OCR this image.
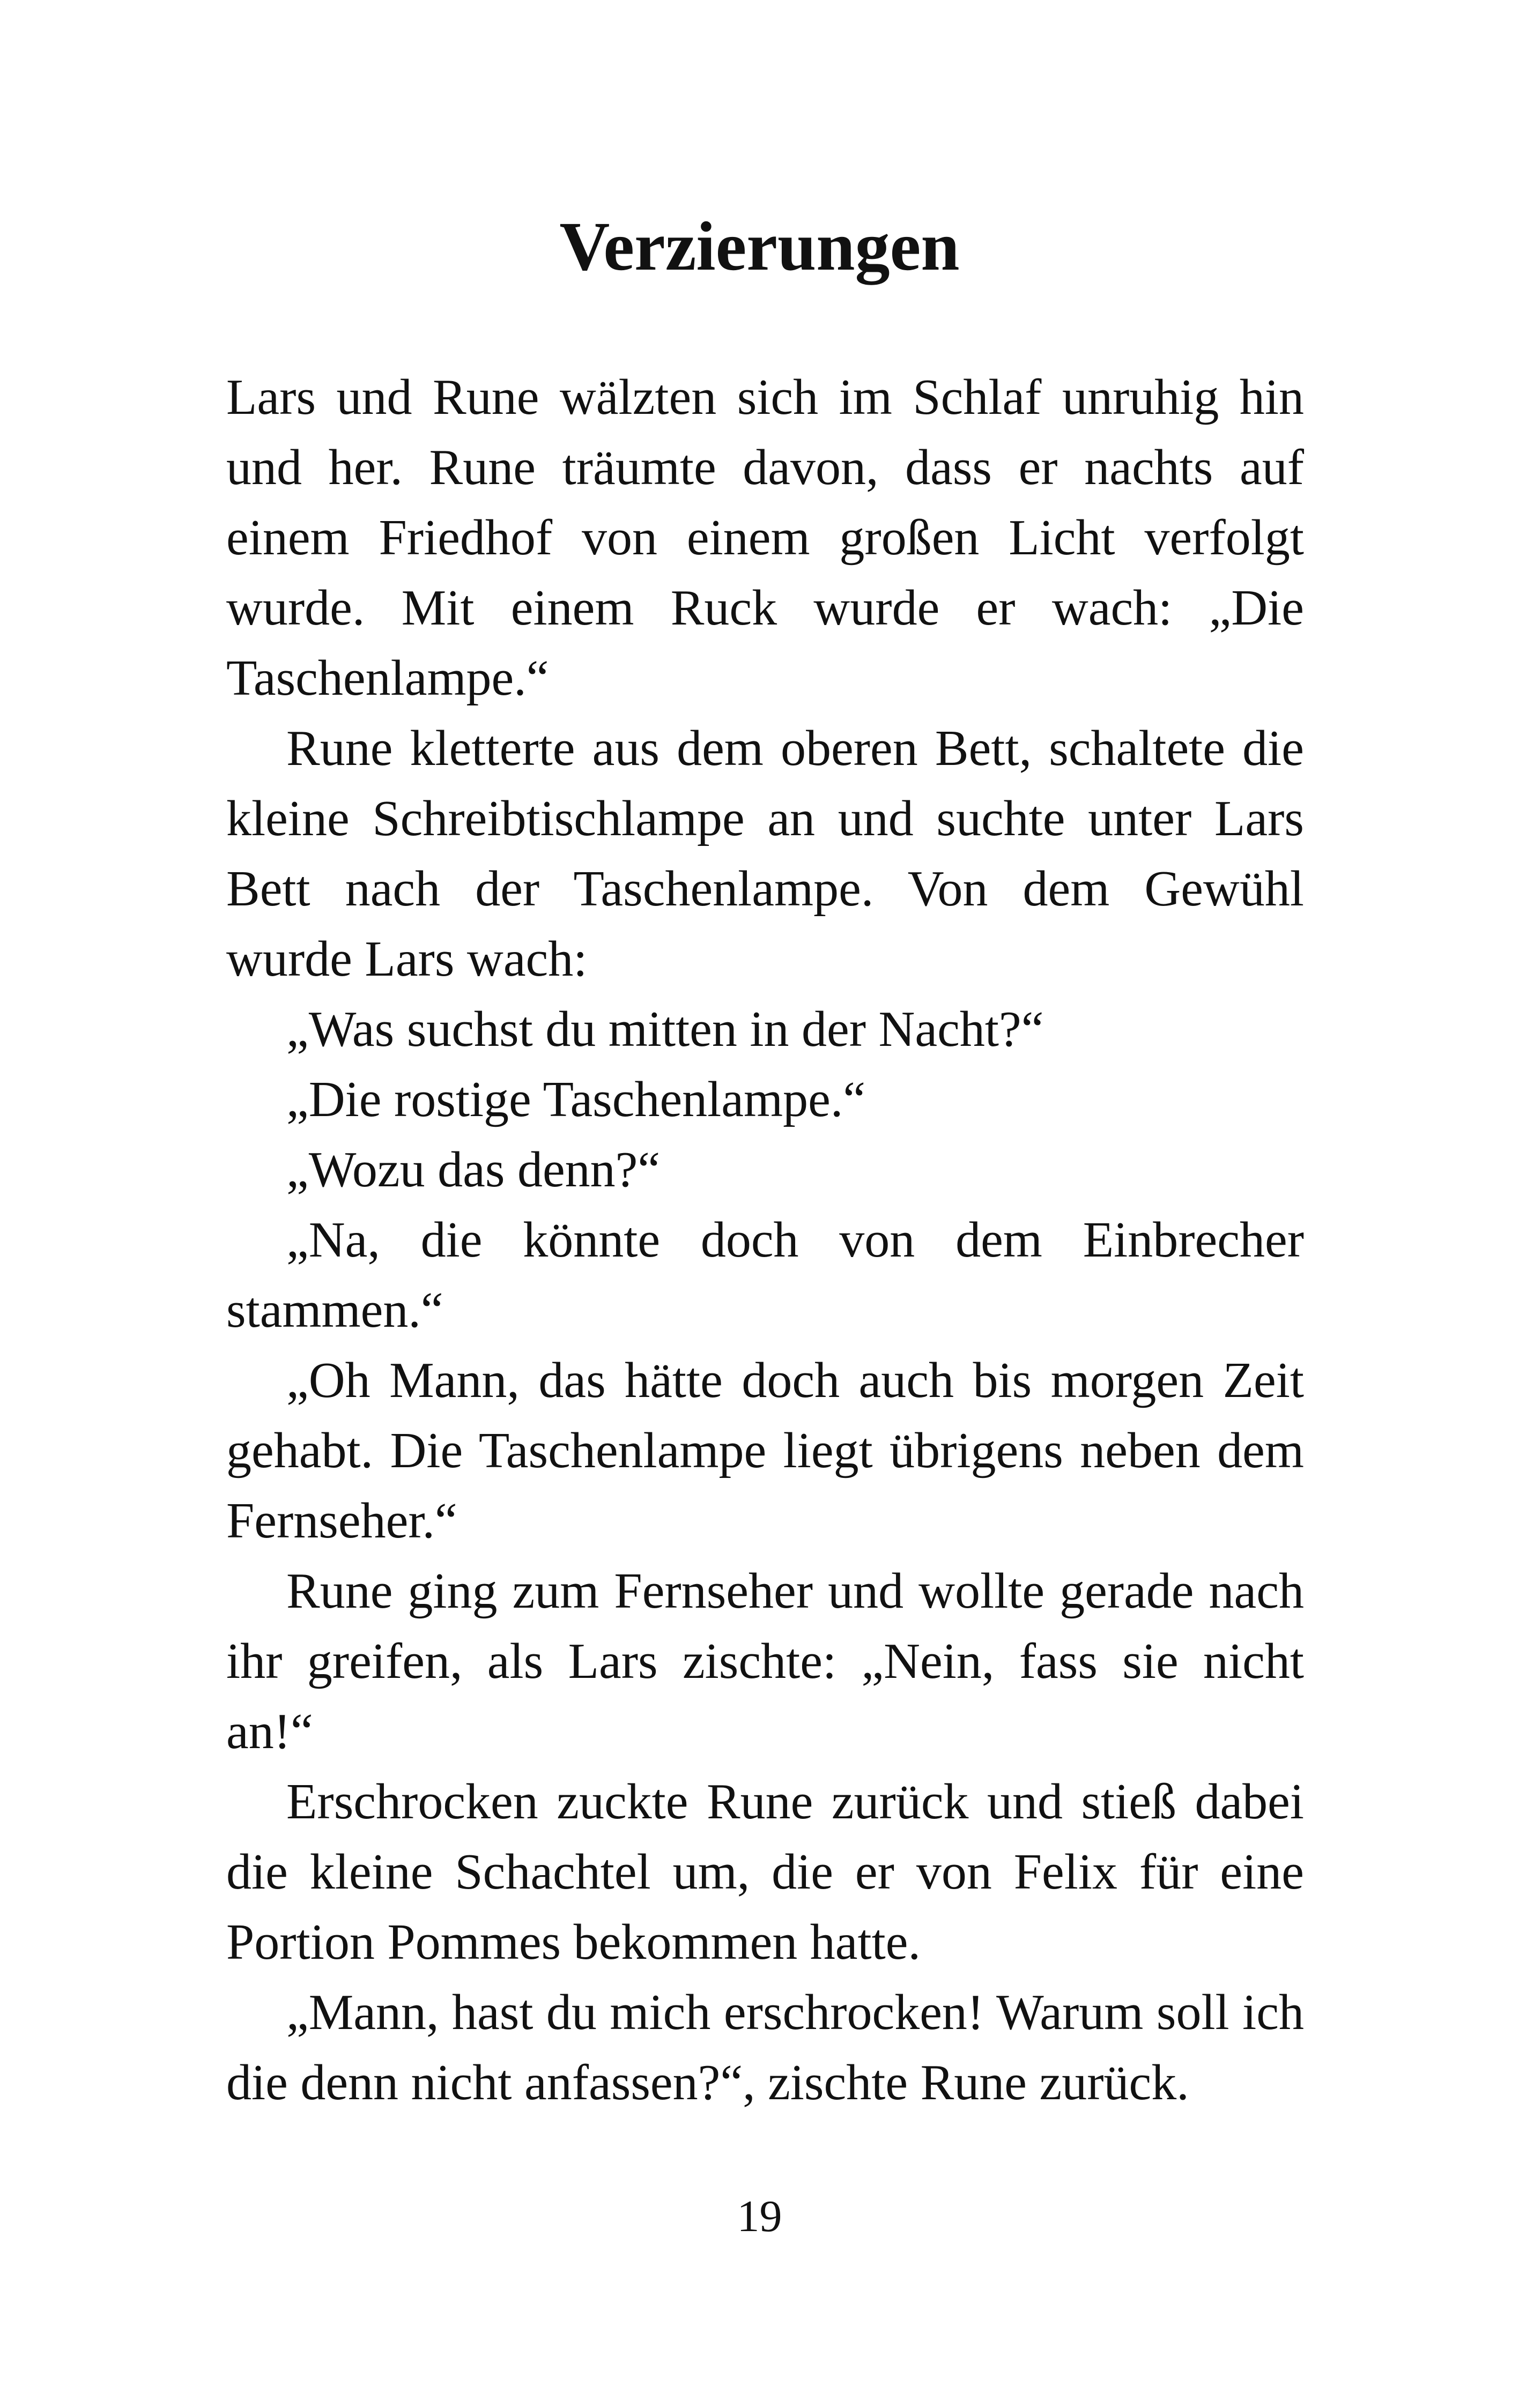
Verzierungen

Lars und Rune wälzten sich im Schlaf unruhig hin und her. Rune träumte davon, dass er nachts auf einem Friedhof von einem großen Licht verfolgt wurde. Mit einem Ruck wurde er wach: „Die Taschenlampe.“

Rune kletterte aus dem oberen Bett, schaltete die kleine Schreibtischlampe an und suchte unter Lars Bett nach der Taschenlampe. Von dem Gewühl wurde Lars wach:

„Was suchst du mitten in der Nacht?“

„Die rostige Taschenlampe.“

„Wozu das denn?“

„Na, die könnte doch von dem Einbrecher stammen.“

„Oh Mann, das hätte doch auch bis morgen Zeit gehabt. Die Taschenlampe liegt übrigens neben dem Fernseher.“

Rune ging zum Fernseher und wollte gerade nach ihr greifen, als Lars zischte: „Nein, fass sie nicht an!“

Erschrocken zuckte Rune zurück und stieß dabei die kleine Schachtel um, die er von Felix für eine Portion Pommes bekommen hatte.

„Mann, hast du mich erschrocken! Warum soll ich die denn nicht anfassen?“, zischte Rune zurück.

19
